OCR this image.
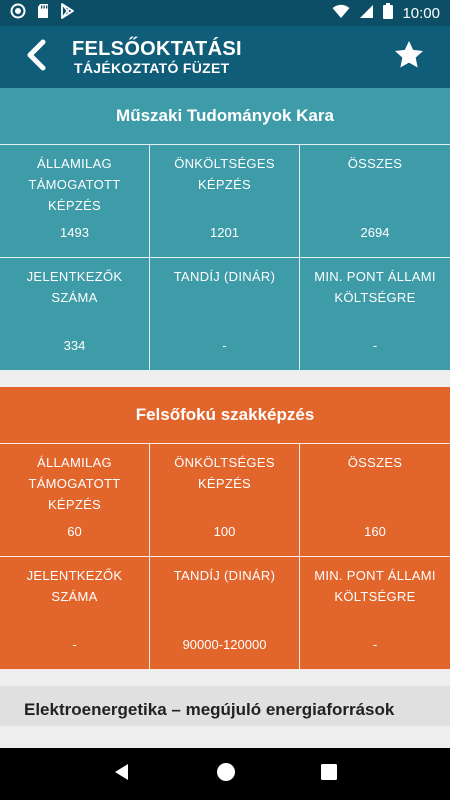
10:00
FELSŐOKTATÁSI
TÁJÉKOZTATÓ FÜZET
Műszaki Tudományok Kara
ÁLLAMILAG TÁMOGATOTT KÉPZÉS
1493
ÖNKÖLTSÉGES KÉPZÉS
1201
ÖSSZES
2694
JELENTKEZŐK SZÁMA
334
TANDÍJ (DINÁR)
-
MIN. PONT ÁLLAMI KÖLTSÉGRE
-
Felsőfokú szakképzés
ÁLLAMILAG TÁMOGATOTT KÉPZÉS
60
ÖNKÖLTSÉGES KÉPZÉS
100
ÖSSZES
160
JELENTKEZŐK SZÁMA
-
TANDÍJ (DINÁR)
90000-120000
MIN. PONT ÁLLAMI KÖLTSÉGRE
-
Elektroenergetika – megújuló energiaforrások
